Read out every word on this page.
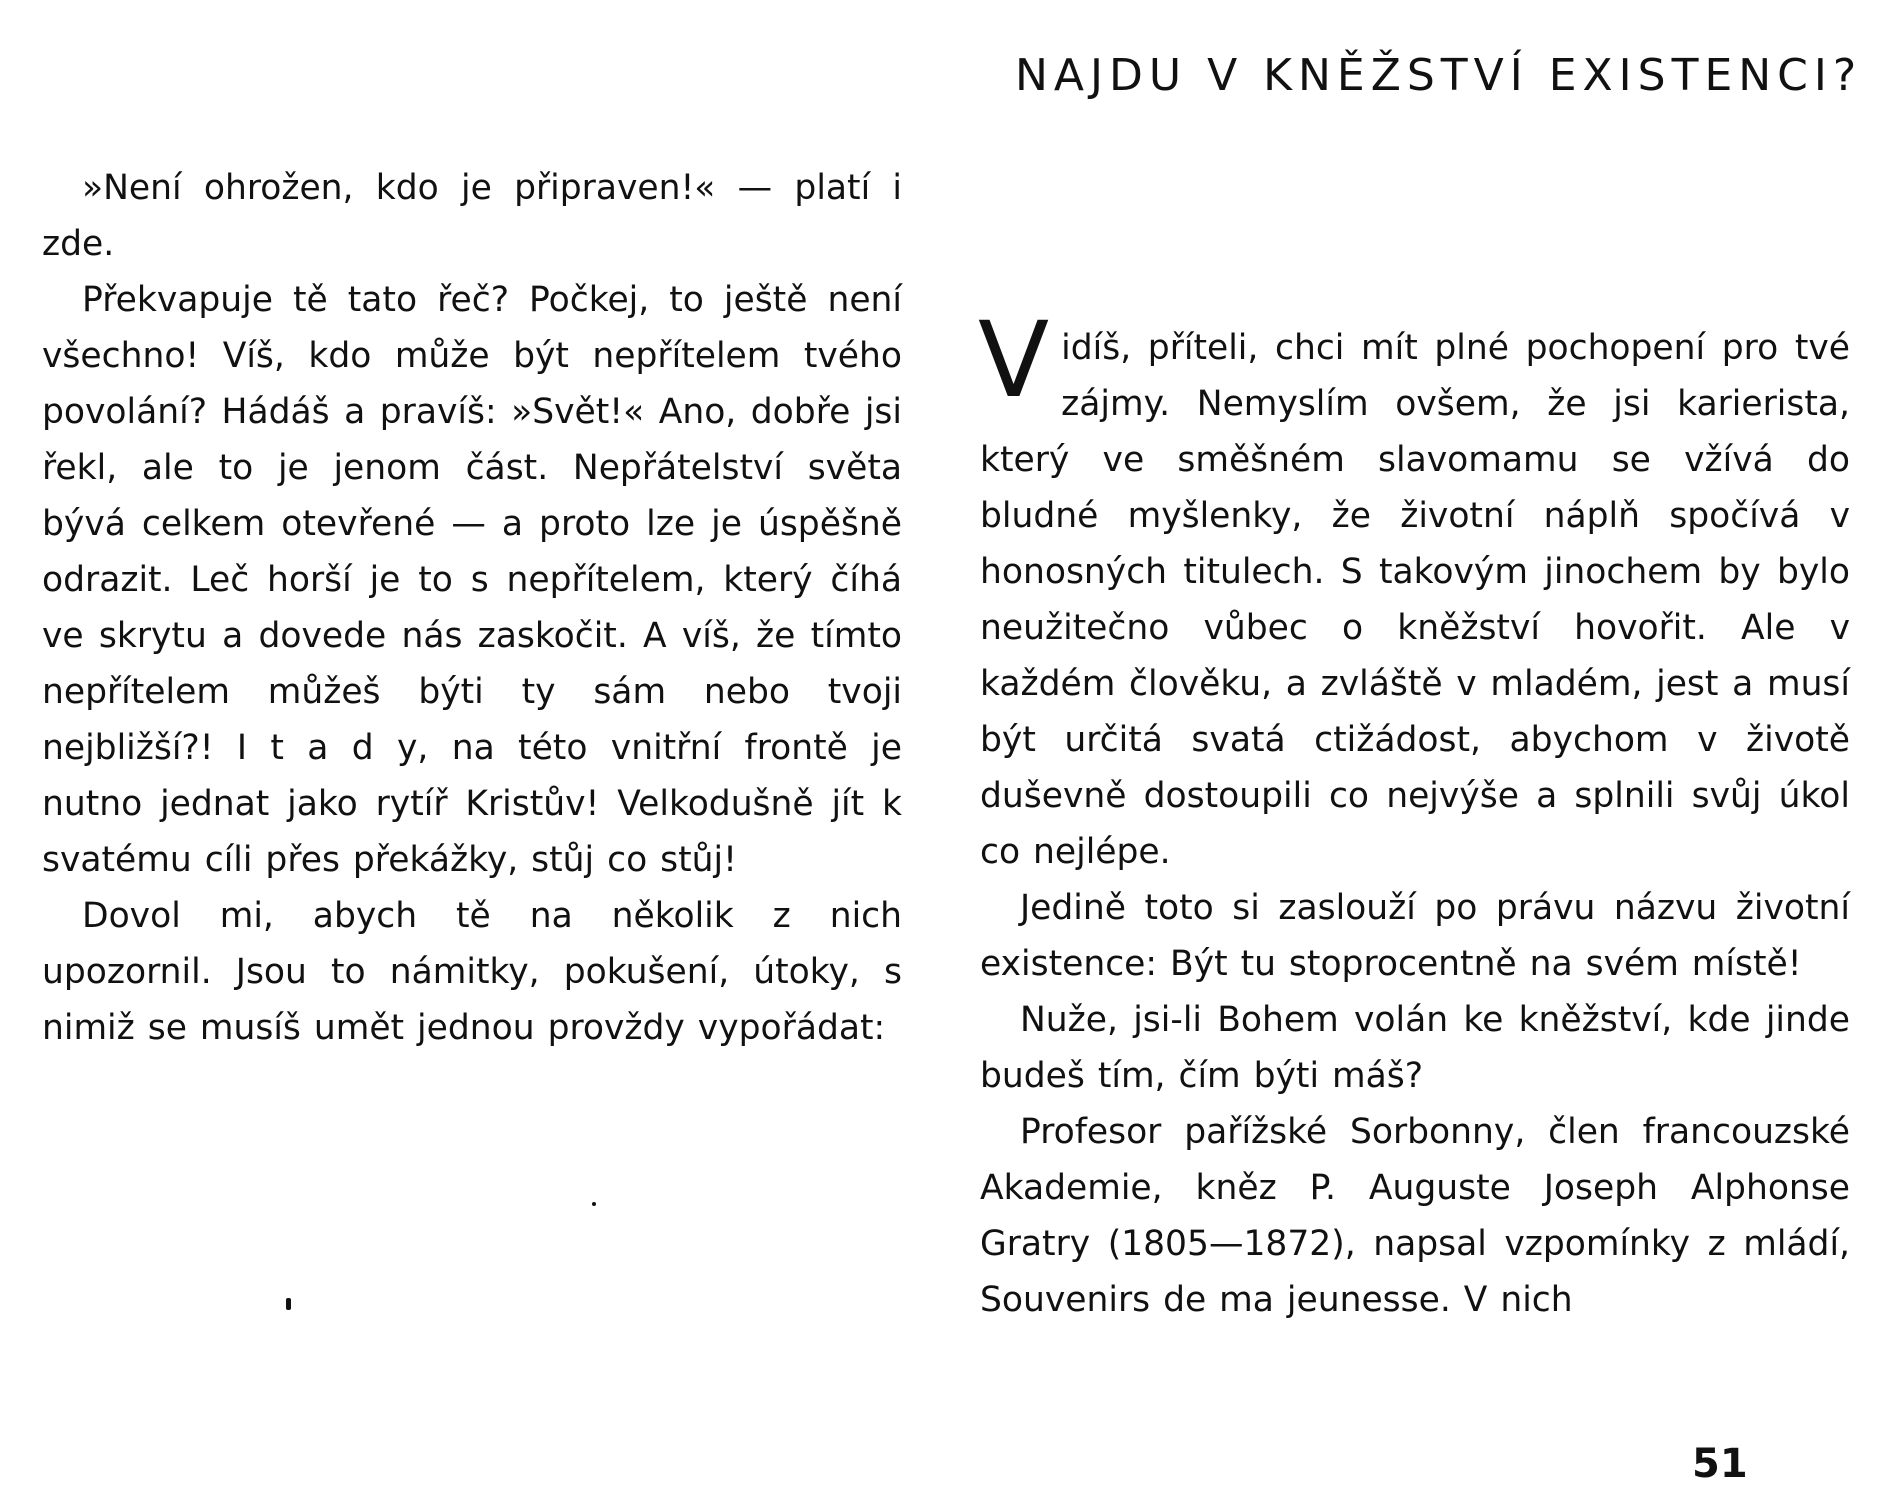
NAJDU V KNĚŽSTVÍ EXISTENCI?

»Není ohrožen, kdo je připraven!« — platí i zde.

Překvapuje tě tato řeč? Počkej, to ještě není všechno! Víš, kdo může být nepřítelem tvého povolání? Hádáš a pravíš: »Svět!« Ano, dobře jsi řekl, ale to je jenom část. Nepřátelství světa bývá celkem otevřené — a proto lze je úspěšně odrazit. Leč horší je to s nepřítelem, který číhá ve skrytu a dovede nás zaskočit. A víš, že tímto nepřítelem můžeš býti ty sám nebo tvoji nejbližší?! I t a d y, na této vnitřní frontě je nutno jednat jako rytíř Kristův! Velkodušně jít k svatému cíli přes překážky, stůj co stůj!

Dovol mi, abych tě na několik z nich upozornil. Jsou to námitky, pokušení, útoky, s nimiž se musíš umět jednou provždy vypořádat:

Vidíš, příteli, chci mít plné pochopení pro tvé zájmy. Nemyslím ovšem, že jsi karierista, který ve směšném slavomamu se vžívá do bludné myšlenky, že životní náplň spočívá v honosných titulech. S takovým jinochem by bylo neužitečno vůbec o kněžství hovořit. Ale v každém člověku, a zvláště v mladém, jest a musí být určitá svatá ctižádost, abychom v životě duševně dostoupili co nejvýše a splnili svůj úkol co nejlépe.

Jedině toto si zaslouží po právu názvu životní existence: Být tu stoprocentně na svém místě!

Nuže, jsi-li Bohem volán ke kněžství, kde jinde budeš tím, čím býti máš?

Profesor pařížské Sorbonny, člen francouzské Akademie, kněz P. Auguste Joseph Alphonse Gratry (1805—1872), napsal vzpomínky z mládí, Souvenirs de ma jeunesse. V nich

51
